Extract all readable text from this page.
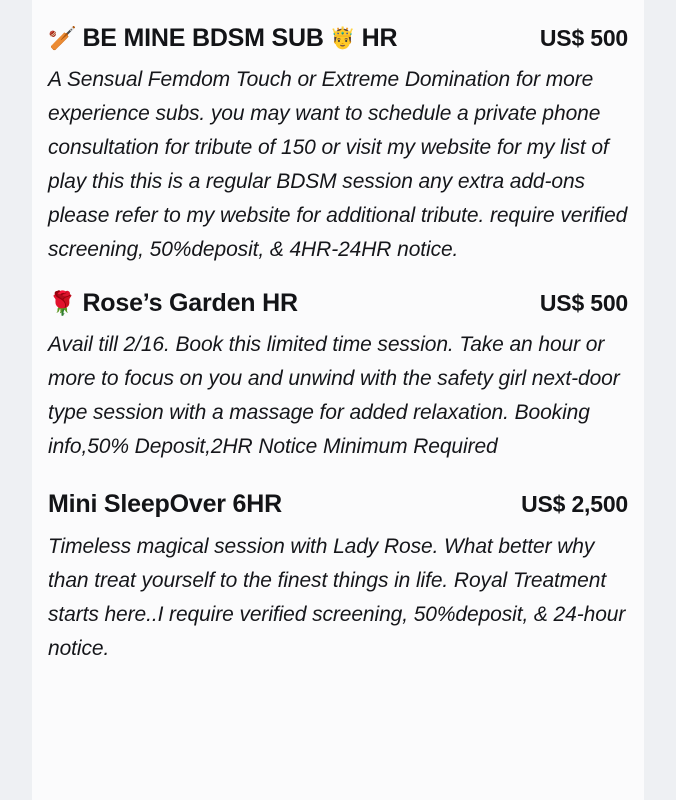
🏏 BE MINE BDSM SUB 🤴 HR	US$ 500

A Sensual Femdom Touch or Extreme Domination for more experience subs. you may want to schedule a private phone consultation for tribute of 150 or visit my website for my list of play this this is a regular BDSM session any extra add-ons please refer to my website for additional tribute. require verified screening, 50%deposit, & 4HR-24HR notice.

🌹 Rose’s Garden HR	US$ 500

Avail till 2/16. Book this limited time session. Take an hour or more to focus on you and unwind with the safety girl next-door type session with a massage for added relaxation. Booking info,50% Deposit,2HR Notice Minimum Required

Mini SleepOver 6HR	US$ 2,500

Timeless magical session with Lady Rose. What better why than treat yourself to the finest things in life. Royal Treatment starts here..I require verified screening, 50%deposit, & 24-hour notice.
